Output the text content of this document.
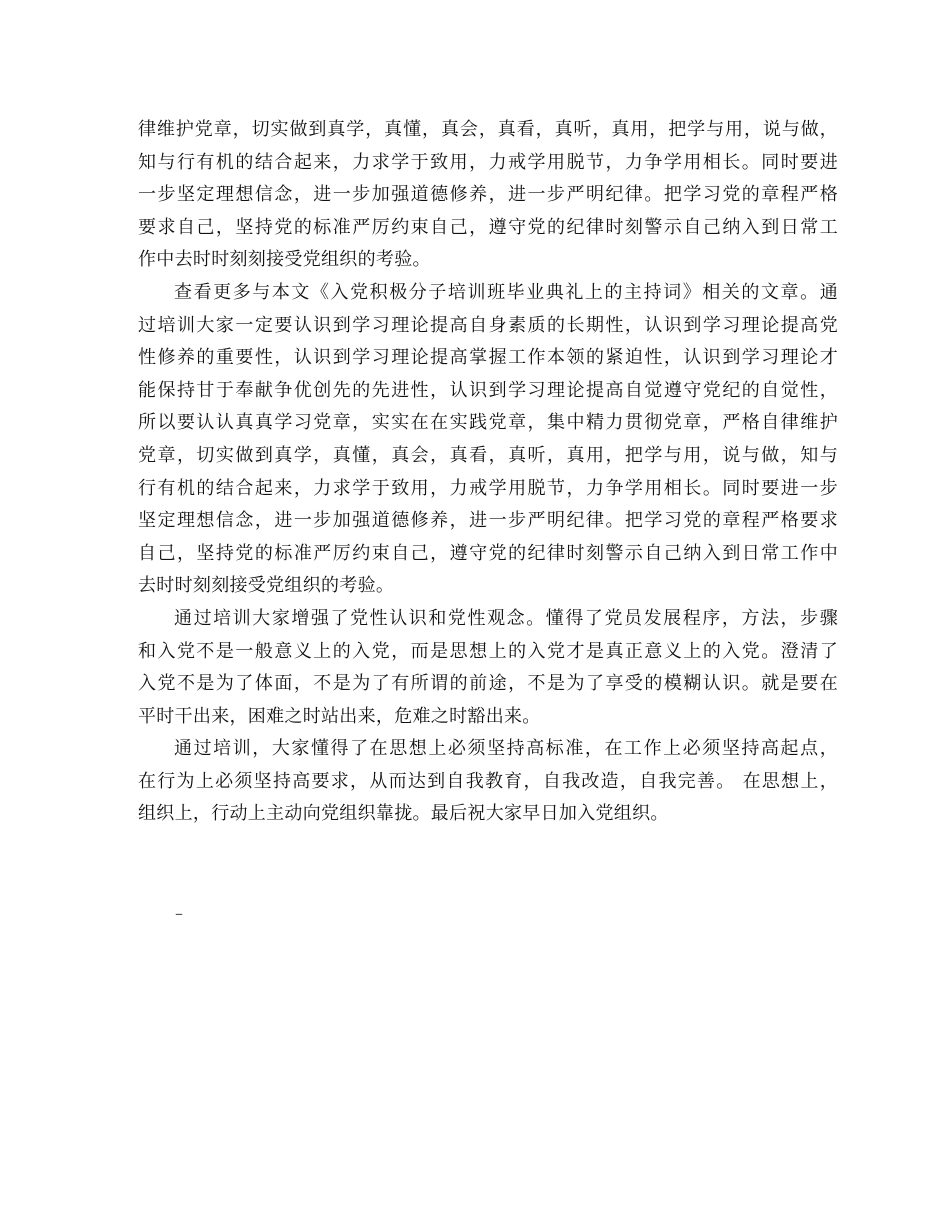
律维护党章，切实做到真学，真懂，真会，真看，真听，真用，把学与用，说与做，
知与行有机的结合起来，力求学于致用，力戒学用脱节，力争学用相长。同时要进
一步坚定理想信念，进一步加强道德修养，进一步严明纪律。把学习党的章程严格
要求自己，坚持党的标准严厉约束自己，遵守党的纪律时刻警示自己纳入到日常工
作中去时时刻刻接受党组织的考验。
查看更多与本文《入党积极分子培训班毕业典礼上的主持词》相关的文章。通
过培训大家一定要认识到学习理论提高自身素质的长期性，认识到学习理论提高党
性修养的重要性，认识到学习理论提高掌握工作本领的紧迫性，认识到学习理论才
能保持甘于奉献争优创先的先进性，认识到学习理论提高自觉遵守党纪的自觉性，
所以要认认真真学习党章，实实在在实践党章，集中精力贯彻党章，严格自律维护
党章，切实做到真学，真懂，真会，真看，真听，真用，把学与用，说与做，知与
行有机的结合起来，力求学于致用，力戒学用脱节，力争学用相长。同时要进一步
坚定理想信念，进一步加强道德修养，进一步严明纪律。把学习党的章程严格要求
自己，坚持党的标准严厉约束自己，遵守党的纪律时刻警示自己纳入到日常工作中
去时时刻刻接受党组织的考验。
通过培训大家增强了党性认识和党性观念。懂得了党员发展程序，方法，步骤
和入党不是一般意义上的入党，而是思想上的入党才是真正意义上的入党。澄清了
入党不是为了体面，不是为了有所谓的前途，不是为了享受的模糊认识。就是要在
平时干出来，困难之时站出来，危难之时豁出来。
通过培训，大家懂得了在思想上必须坚持高标准，在工作上必须坚持高起点，
在行为上必须坚持高要求，从而达到自我教育，自我改造，自我完善。 在思想上，
组织上，行动上主动向党组织靠拢。最后祝大家早日加入党组织。
–
